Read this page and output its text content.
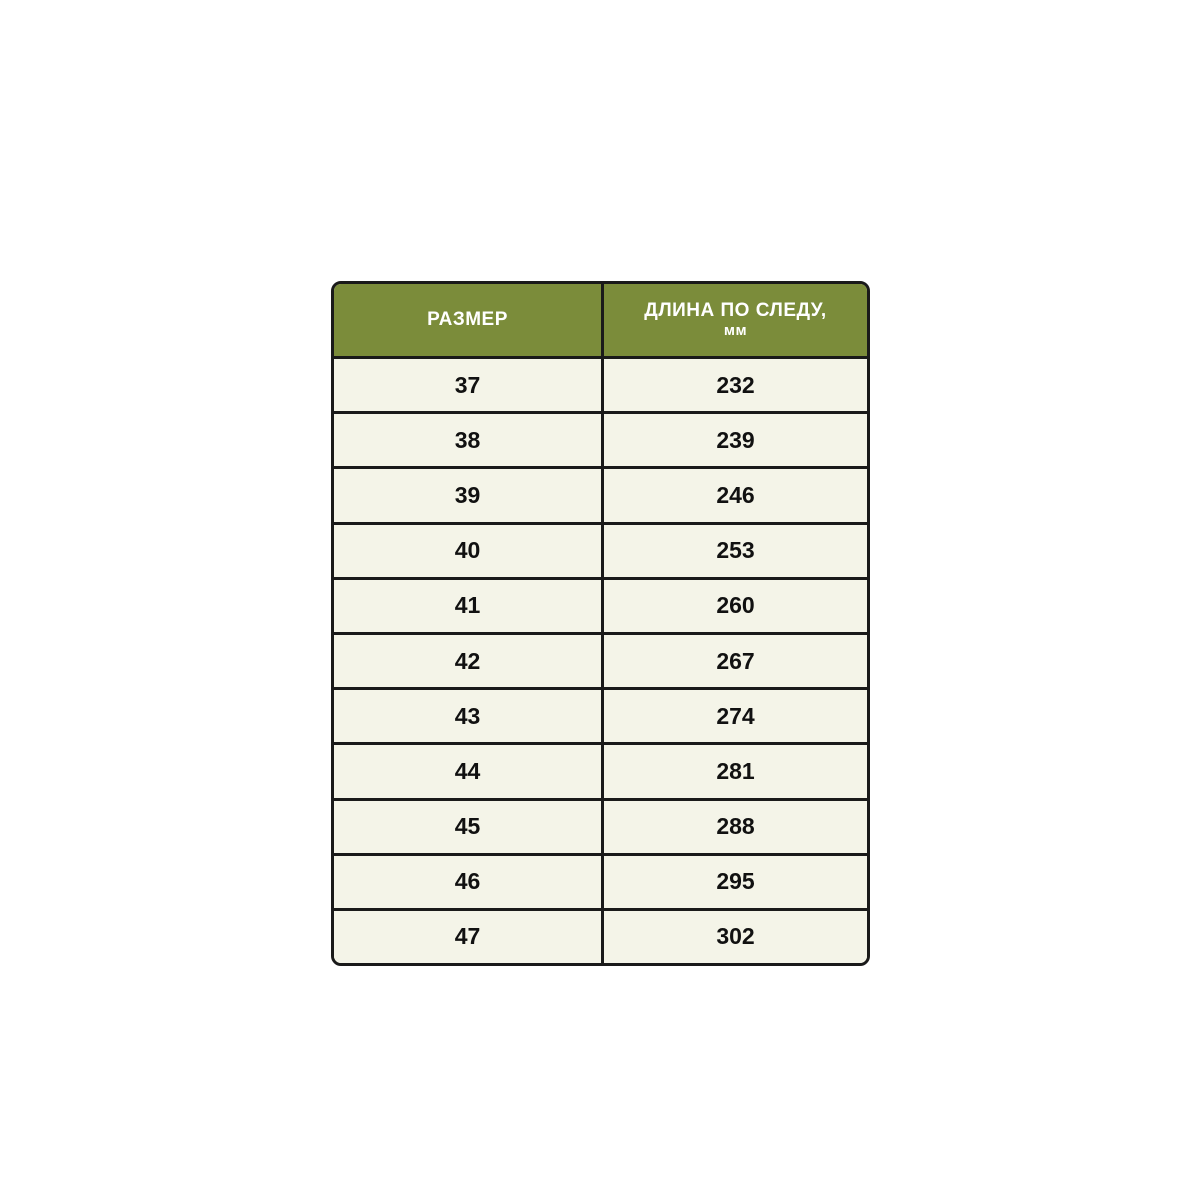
РАЗМЕР	ДЛИНА ПО СЛЕДУ,
мм

37	232
38	239
39	246
40	253
41	260
42	267
43	274
44	281
45	288
46	295
47	302
